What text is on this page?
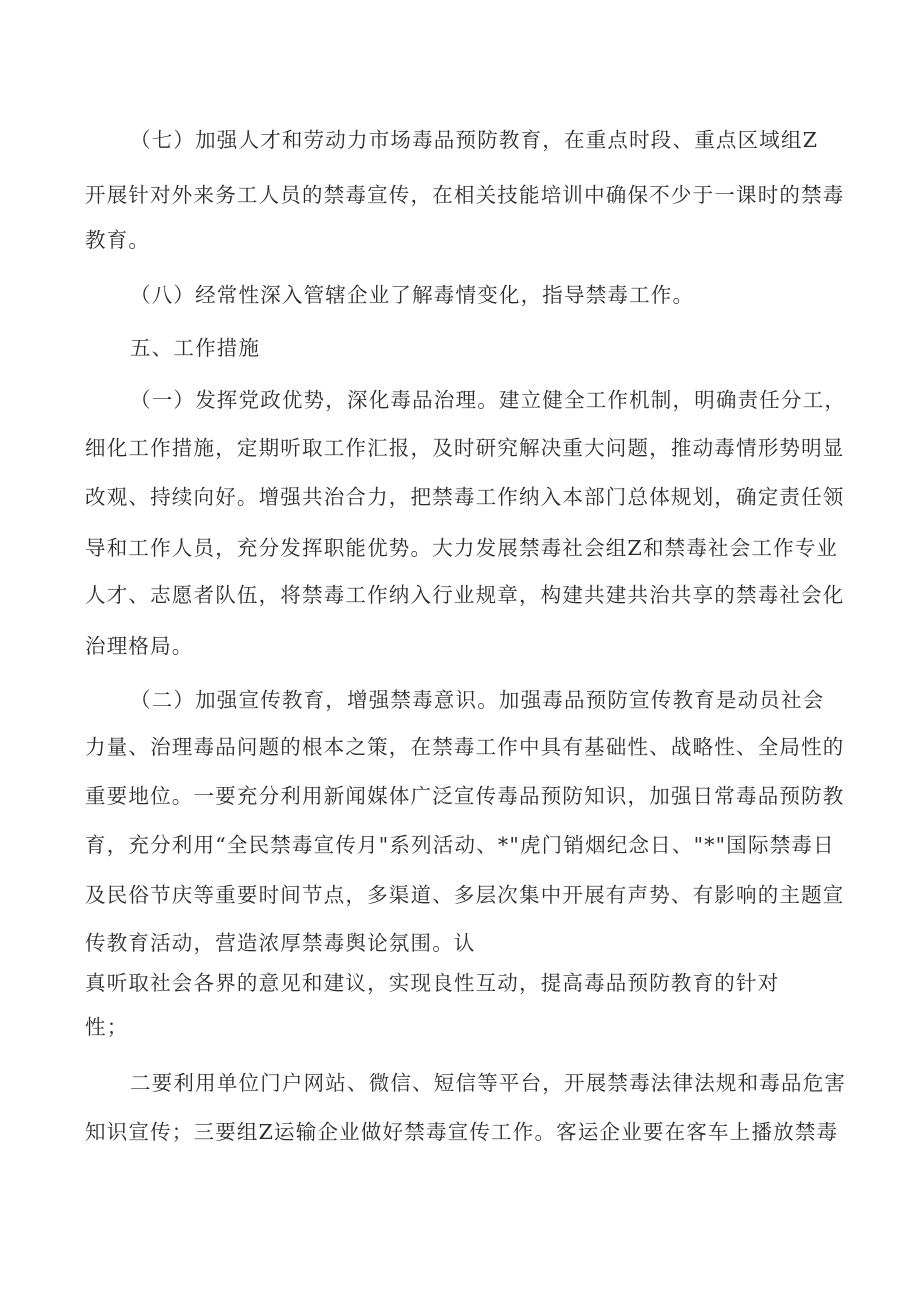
（七）加强人才和劳动力市场毒品预防教育，在重点时段、重点区域组Z
开展针对外来务工人员的禁毒宣传，在相关技能培训中确保不少于一课时的禁毒
教育。
（八）经常性深入管辖企业了解毒情变化，指导禁毒工作。
五、工作措施
（一）发挥党政优势，深化毒品治理。建立健全工作机制，明确责任分工，
细化工作措施，定期听取工作汇报，及时研究解决重大问题，推动毒情形势明显
改观、持续向好。增强共治合力，把禁毒工作纳入本部门总体规划，确定责任领
导和工作人员，充分发挥职能优势。大力发展禁毒社会组Z和禁毒社会工作专业
人才、志愿者队伍，将禁毒工作纳入行业规章，构建共建共治共享的禁毒社会化
治理格局。
（二）加强宣传教育，增强禁毒意识。加强毒品预防宣传教育是动员社会
力量、治理毒品问题的根本之策，在禁毒工作中具有基础性、战略性、全局性的
重要地位。一要充分利用新闻媒体广泛宣传毒品预防知识，加强日常毒品预防教
育，充分利用“全民禁毒宣传月"系列活动、*"虎门销烟纪念日、"*"国际禁毒日
及民俗节庆等重要时间节点，多渠道、多层次集中开展有声势、有影响的主题宣
传教育活动，营造浓厚禁毒舆论氛围。认
真听取社会各界的意见和建议，实现良性互动，提高毒品预防教育的针对
性；
二要利用单位门户网站、微信、短信等平台，开展禁毒法律法规和毒品危害
知识宣传；三要组Z运输企业做好禁毒宣传工作。客运企业要在客车上播放禁毒
